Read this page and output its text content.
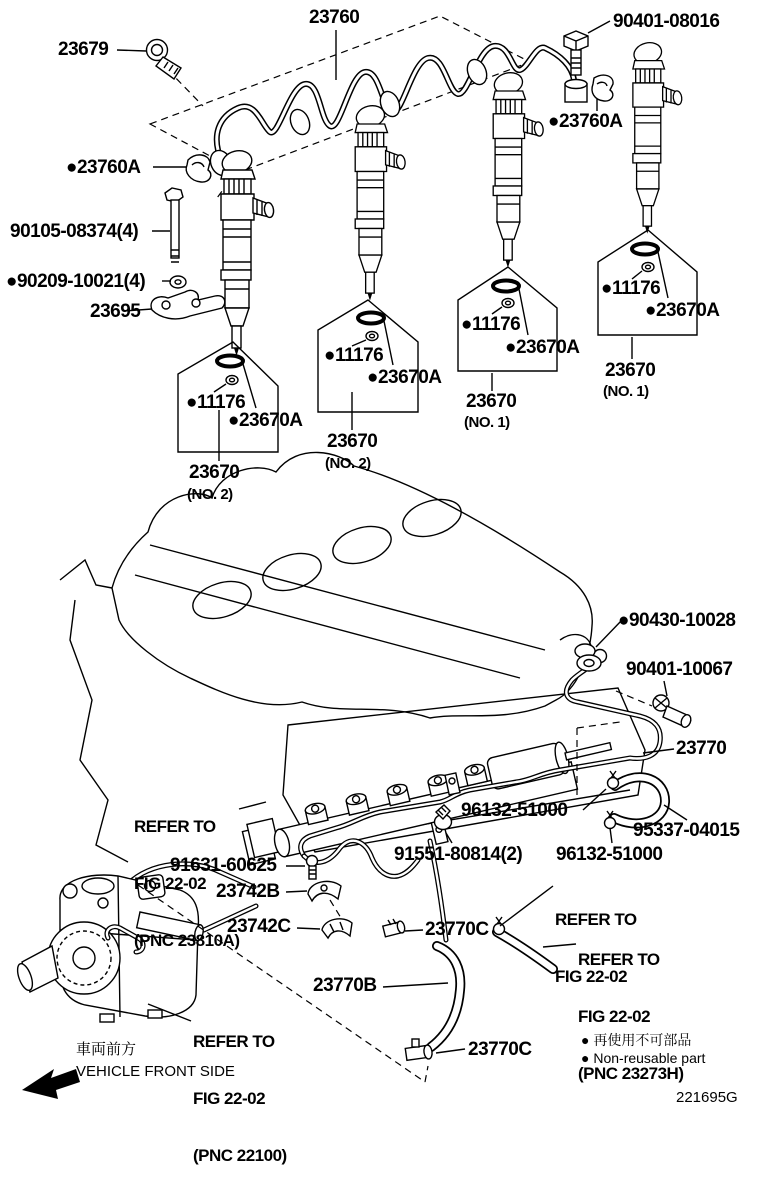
23760	90401-08016
23679
●23760A
●23760A
90105-08374(4)
●90209-10021(4)
23695
●11176
●23670A
23670
(NO. 2)
●11176
●23670A
23670
(NO. 2)
●11176
●23670A
23670
(NO. 1)
●11176
●23670A
23670
(NO. 1)
●90430-10028
90401-10067
23770

REFER TO

FIG 22-02

(PNC 23810A)

96132-51000
95337-04015
91551-80814(2) 96132-51000
91631-60625
23742B
23742C	23770C

	REFER TO

FIG 22-02

REFER TO

FIG 22-02

(PNC 23273H)

23770B

REFER TO

FIG 22-02

(PNC 22100)

23770C
車両前方
VEHICLE FRONT SIDE
● 再使用不可部品
● Non-reusable part
221695G
